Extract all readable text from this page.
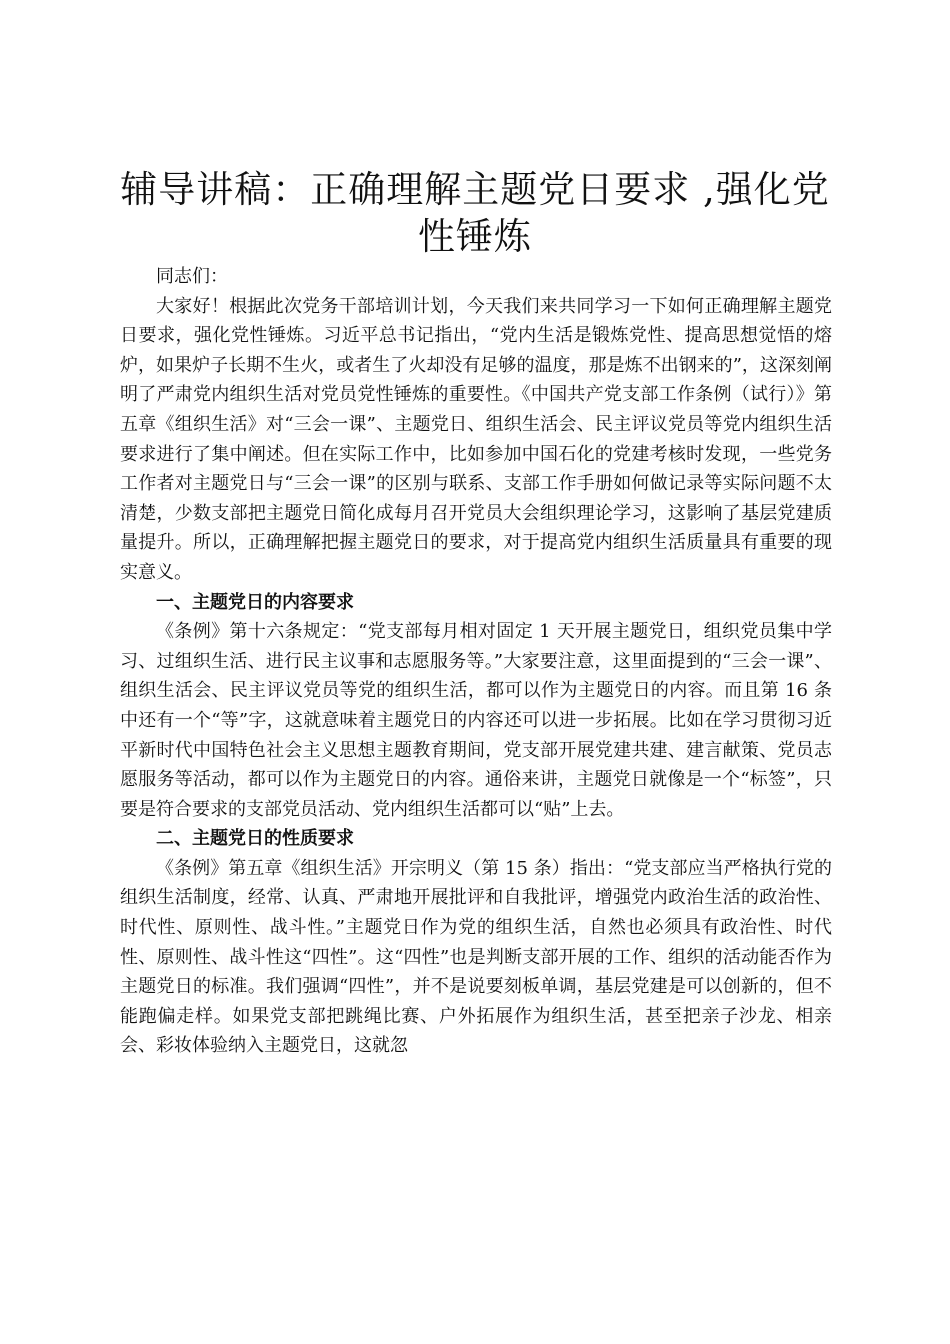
辅导讲稿：正确理解主题党日要求 ,强化党性锤炼

同志们：

大家好！根据此次党务干部培训计划，今天我们来共同学习一下如何正确理解主题党日要求，强化党性锤炼。习近平总书记指出，“党内生活是锻炼党性、提高思想觉悟的熔炉，如果炉子长期不生火，或者生了火却没有足够的温度，那是炼不出钢来的”，这深刻阐明了严肃党内组织生活对党员党性锤炼的重要性。《中国共产党支部工作条例（试行）》第五章《组织生活》对“三会一课”、主题党日、组织生活会、民主评议党员等党内组织生活要求进行了集中阐述。但在实际工作中，比如参加中国石化的党建考核时发现，一些党务工作者对主题党日与“三会一课”的区别与联系、支部工作手册如何做记录等实际问题不太清楚，少数支部把主题党日简化成每月召开党员大会组织理论学习，这影响了基层党建质量提升。所以，正确理解把握主题党日的要求，对于提高党内组织生活质量具有重要的现实意义。

一、主题党日的内容要求

《条例》第十六条规定：“党支部每月相对固定 1 天开展主题党日，组织党员集中学习、过组织生活、进行民主议事和志愿服务等。”大家要注意，这里面提到的“三会一课”、组织生活会、民主评议党员等党的组织生活，都可以作为主题党日的内容。而且第 16 条中还有一个“等”字，这就意味着主题党日的内容还可以进一步拓展。比如在学习贯彻习近平新时代中国特色社会主义思想主题教育期间，党支部开展党建共建、建言献策、党员志愿服务等活动，都可以作为主题党日的内容。通俗来讲，主题党日就像是一个“标签”，只要是符合要求的支部党员活动、党内组织生活都可以“贴”上去。

二、主题党日的性质要求

《条例》第五章《组织生活》开宗明义（第 15 条）指出：“党支部应当严格执行党的组织生活制度，经常、认真、严肃地开展批评和自我批评，增强党内政治生活的政治性、时代性、原则性、战斗性。”主题党日作为党的组织生活，自然也必须具有政治性、时代性、原则性、战斗性这“四性”。这“四性”也是判断支部开展的工作、组织的活动能否作为主题党日的标准。我们强调“四性”，并不是说要刻板单调，基层党建是可以创新的，但不能跑偏走样。如果党支部把跳绳比赛、户外拓展作为组织生活，甚至把亲子沙龙、相亲会、彩妆体验纳入主题党日，这就忽
